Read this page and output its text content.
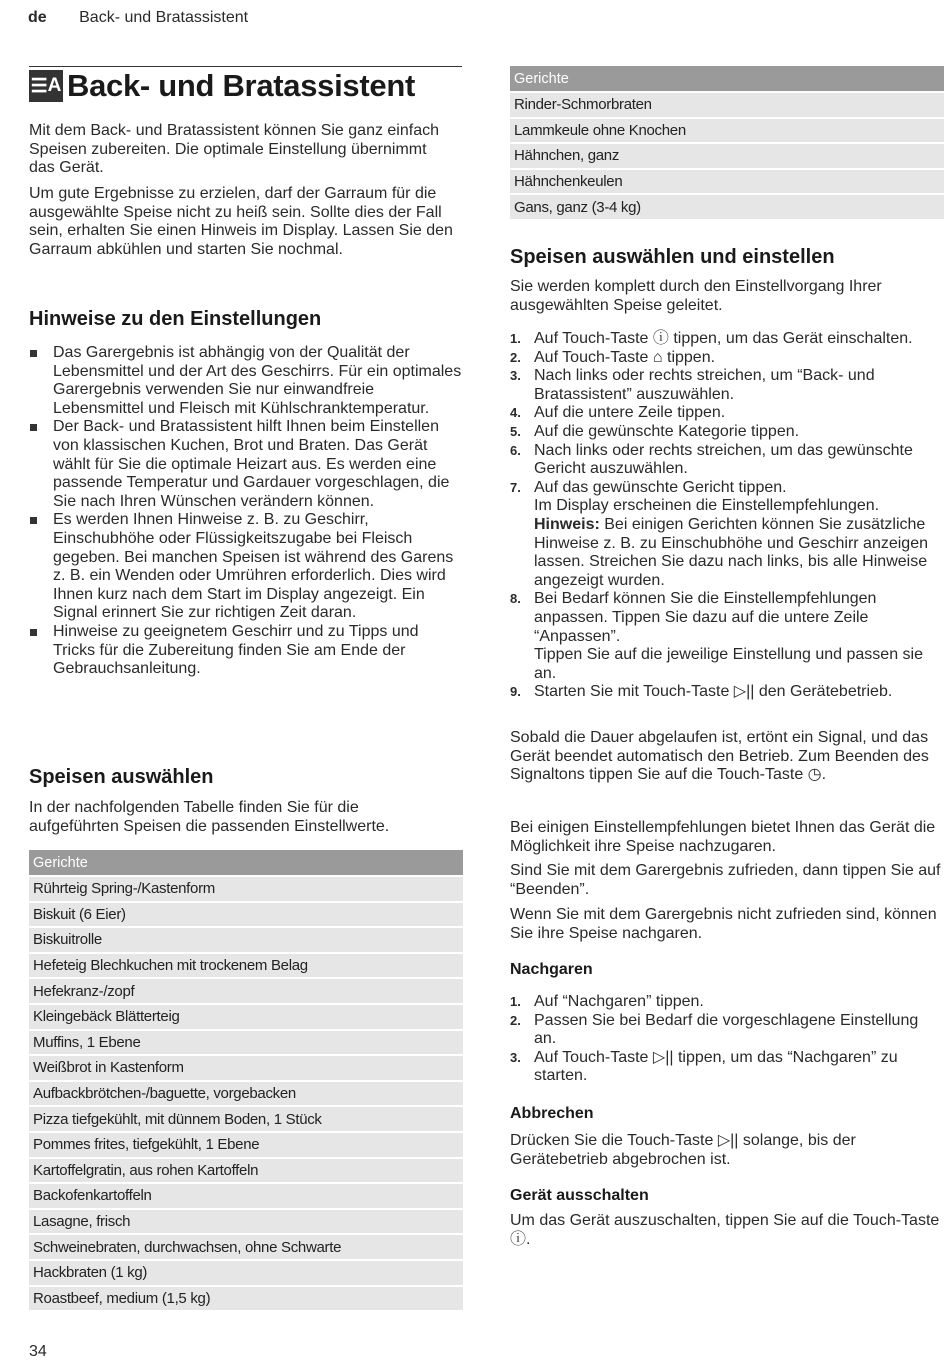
de Back- und Bratassistent
☰ A Back- und Bratassistent

Mit dem Back- und Bratassistent können Sie ganz einfach Speisen zubereiten. Die optimale Einstellung übernimmt das Gerät.

Um gute Ergebnisse zu erzielen, darf der Garraum für die ausgewählte Speise nicht zu heiß sein. Sollte dies der Fall sein, erhalten Sie einen Hinweis im Display. Lassen Sie den Garraum abkühlen und starten Sie nochmal.

Hinweise zu den Einstellungen
Das Garergebnis ist abhängig von der Qualität der Lebensmittel und der Art des Geschirrs. Für ein optimales Garergebnis verwenden Sie nur einwandfreie Lebensmittel und Fleisch mit Kühlschranktemperatur.
Der Back- und Bratassistent hilft Ihnen beim Einstellen von klassischen Kuchen, Brot und Braten. Das Gerät wählt für Sie die optimale Heizart aus. Es werden eine passende Temperatur und Gardauer vorgeschlagen, die Sie nach Ihren Wünschen verändern können.
Es werden Ihnen Hinweise z. B. zu Geschirr, Einschubhöhe oder Flüssigkeitszugabe bei Fleisch gegeben. Bei manchen Speisen ist während des Garens z. B. ein Wenden oder Umrühren erforderlich. Dies wird Ihnen kurz nach dem Start im Display angezeigt. Ein Signal erinnert Sie zur richtigen Zeit daran.
Hinweise zu geeignetem Geschirr und zu Tipps und Tricks für die Zubereitung finden Sie am Ende der Gebrauchsanleitung.
Speisen auswählen

In der nachfolgenden Tabelle finden Sie für die aufgeführten Speisen die passenden Einstellwerte.

Gerichte
Rührteig Spring-/Kastenform
Biskuit (6 Eier)
Biskuitrolle
Hefeteig Blechkuchen mit trockenem Belag
Hefekranz-/zopf
Kleingebäck Blätterteig
Muffins, 1 Ebene
Weißbrot in Kastenform
Aufbackbrötchen-/baguette, vorgebacken
Pizza tiefgekühlt, mit dünnem Boden, 1 Stück
Pommes frites, tiefgekühlt, 1 Ebene
Kartoffelgratin, aus rohen Kartoffeln
Backofenkartoffeln
Lasagne, frisch
Schweinebraten, durchwachsen, ohne Schwarte
Hackbraten (1 kg)
Roastbeef, medium (1,5 kg)
34
Gerichte
Rinder-Schmorbraten
Lammkeule ohne Knochen
Hähnchen, ganz
Hähnchenkeulen
Gans, ganz (3-4 kg)
Speisen auswählen und einstellen

Sie werden komplett durch den Einstellvorgang Ihrer ausgewählten Speise geleitet.

1. Auf Touch-Taste ⓘ tippen, um das Gerät einschalten.
2. Auf Touch-Taste ⌂ tippen.
3. Nach links oder rechts streichen, um “Back- und Bratassistent” auszuwählen.
4. Auf die untere Zeile tippen.
5. Auf die gewünschte Kategorie tippen.
6. Nach links oder rechts streichen, um das gewünschte Gericht auszuwählen.
7. Auf das gewünschte Gericht tippen.
Im Display erscheinen die Einstellempfehlungen.
Hinweis: Bei einigen Gerichten können Sie zusätzliche Hinweise z. B. zu Einschubhöhe und Geschirr anzeigen lassen. Streichen Sie dazu nach links, bis alle Hinweise angezeigt wurden.
8. Bei Bedarf können Sie die Einstellempfehlungen anpassen. Tippen Sie dazu auf die untere Zeile “Anpassen”.
Tippen Sie auf die jeweilige Einstellung und passen sie an.
9. Starten Sie mit Touch-Taste ▷|| den Gerätebetrieb.

Sobald die Dauer abgelaufen ist, ertönt ein Signal, und das Gerät beendet automatisch den Betrieb. Zum Beenden des Signaltons tippen Sie auf die Touch-Taste ◷.

Bei einigen Einstellempfehlungen bietet Ihnen das Gerät die Möglichkeit ihre Speise nachzugaren.

Sind Sie mit dem Garergebnis zufrieden, dann tippen Sie auf “Beenden”.

Wenn Sie mit dem Garergebnis nicht zufrieden sind, können Sie ihre Speise nachgaren.

Nachgaren
1. Auf “Nachgaren” tippen.
2. Passen Sie bei Bedarf die vorgeschlagene Einstellung an.
3. Auf Touch-Taste ▷|| tippen, um das “Nachgaren” zu starten.
Abbrechen

Drücken Sie die Touch-Taste ▷|| solange, bis der Gerätebetrieb abgebrochen ist.

Gerät ausschalten

Um das Gerät auszuschalten, tippen Sie auf die Touch-Taste ⓘ.
